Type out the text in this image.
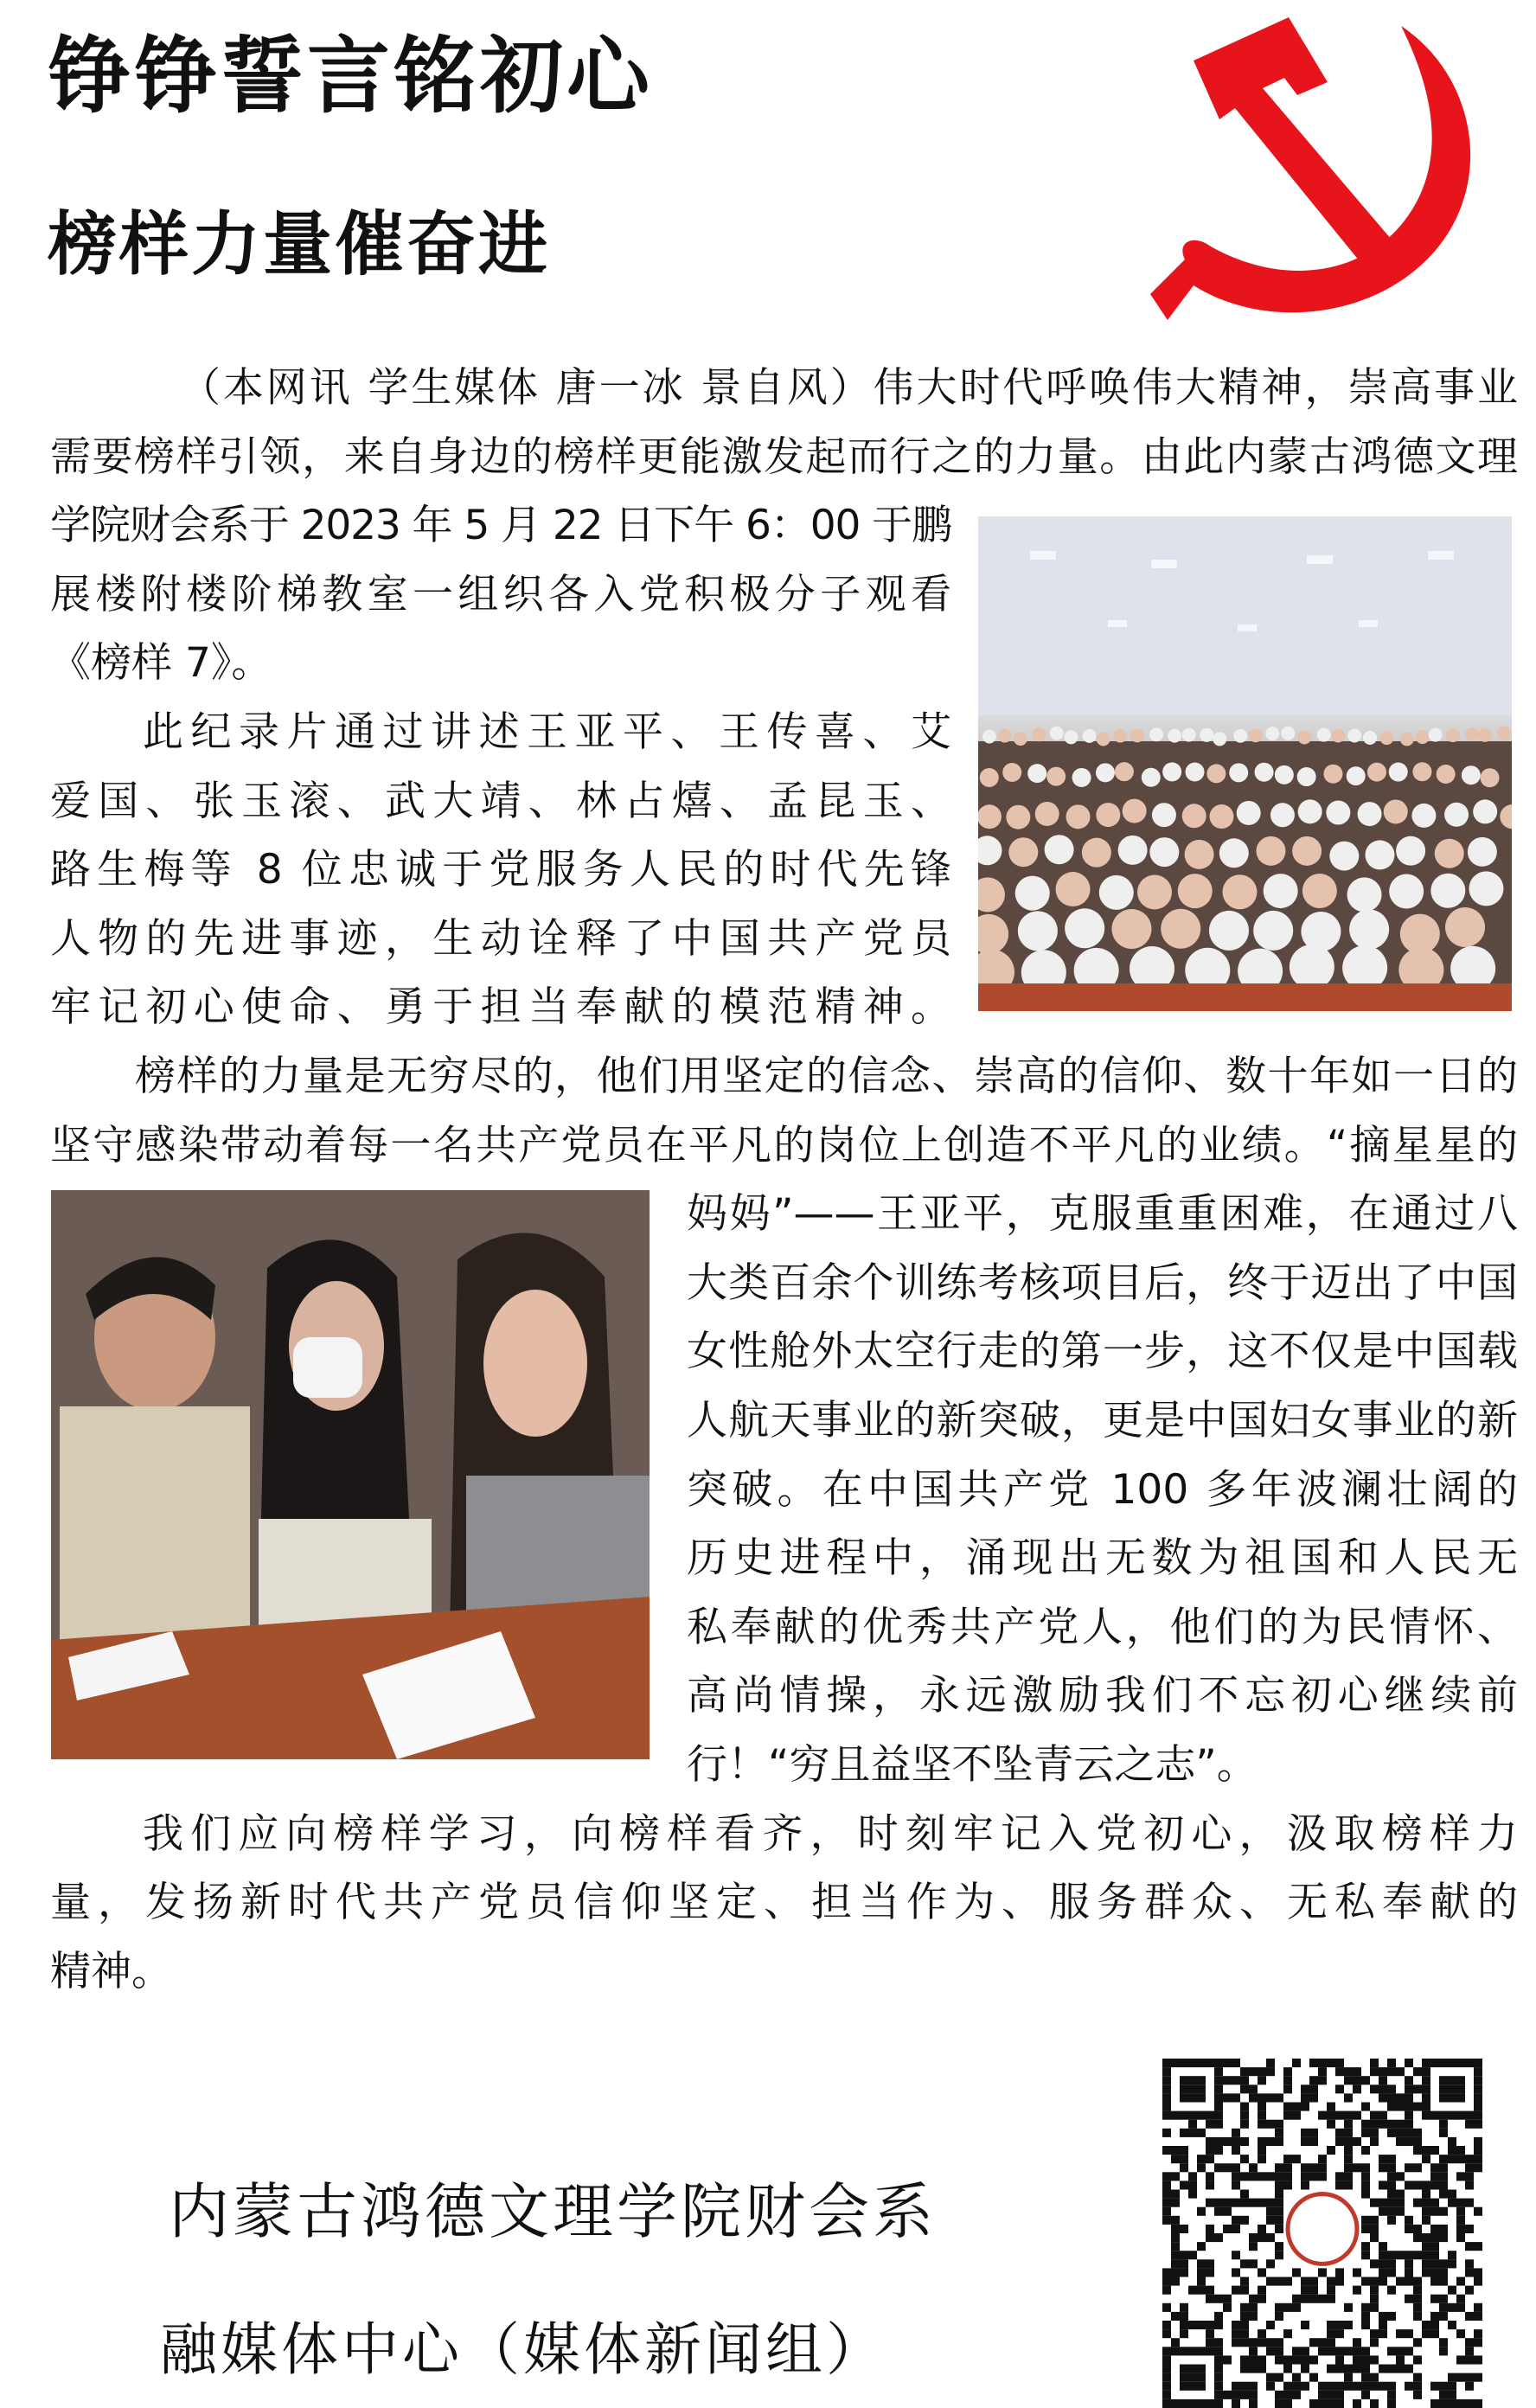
铮铮誓言铭初心
榜样力量催奋进
（本网讯 学生媒体 唐一冰 景自风）伟大时代呼唤伟大精神，崇高事业
需要榜样引领，来自身边的榜样更能激发起而行之的力量。由此内蒙古鸿德文理
学院财会系于 2023 年 5 月 22 日下午 6：00 于鹏
展楼附楼阶梯教室一组织各入党积极分子观看
《榜样 7》。
此纪录片通过讲述王亚平、王传喜、艾
爱国、张玉滚、武大靖、林占熺、孟昆玉、
路生梅等 8 位忠诚于党服务人民的时代先锋
人物的先进事迹，生动诠释了中国共产党员
牢记初心使命、勇于担当奉献的模范精神。
榜样的力量是无穷尽的，他们用坚定的信念、崇高的信仰、数十年如一日的
坚守感染带动着每一名共产党员在平凡的岗位上创造不平凡的业绩。“摘星星的
妈妈”——王亚平，克服重重困难，在通过八
大类百余个训练考核项目后，终于迈出了中国
女性舱外太空行走的第一步，这不仅是中国载
人航天事业的新突破，更是中国妇女事业的新
突破。在中国共产党 100 多年波澜壮阔的
历史进程中，涌现出无数为祖国和人民无
私奉献的优秀共产党人，他们的为民情怀、
高尚情操，永远激励我们不忘初心继续前
行！“穷且益坚不坠青云之志”。
我们应向榜样学习，向榜样看齐，时刻牢记入党初心，汲取榜样力
量，发扬新时代共产党员信仰坚定、担当作为、服务群众、无私奉献的
精神。
内蒙古鸿德文理学院财会系
融媒体中心（媒体新闻组）
